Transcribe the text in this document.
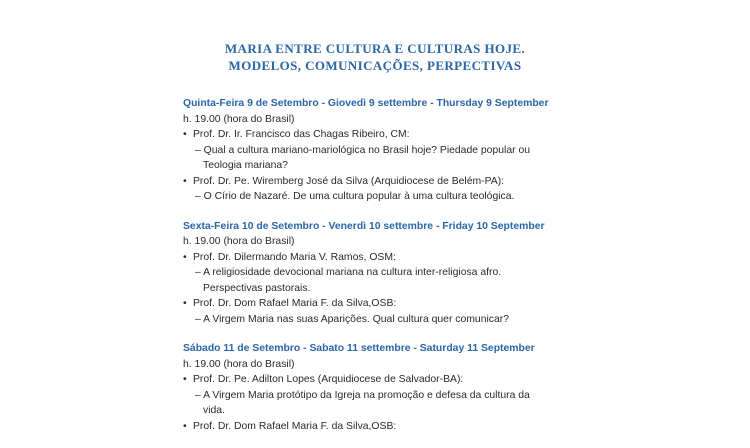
MARIA ENTRE CULTURA E CULTURAS HOJE.
MODELOS, COMUNICAÇÕES, PERPECTIVAS
Quinta-Feira 9 de Setembro - Giovedì 9 settembre - Thursday 9 September
h. 19.00 (hora do Brasil)
• Prof. Dr. Ir. Francisco das Chagas Ribeiro, CM:
– Qual a cultura mariano-mariológica no Brasil hoje? Piedade popular ou Teologia mariana?
• Prof. Dr. Pe. Wiremberg José da Silva (Arquidiocese de Belém-PA):
– O Círio de Nazaré. De uma cultura popular à uma cultura teológica.
Sexta-Feira 10 de Setembro - Venerdì 10 settembre - Friday 10 September
h. 19.00 (hora do Brasil)
• Prof. Dr. Dilermando Maria V. Ramos, OSM:
– A religiosidade devocional mariana na cultura inter-religiosa afro. Perspectivas pastorais.
• Prof. Dr. Dom Rafael Maria F. da Silva,OSB:
– A Virgem Maria nas suas Aparições. Qual cultura quer comunicar?
Sábado 11 de Setembro - Sabato 11 settembre - Saturday 11 September
h. 19.00 (hora do Brasil)
• Prof. Dr. Pe. Adilton Lopes (Arquidiocese de Salvador-BA):
– A Virgem Maria protótipo da Igreja na promoção e defesa da cultura da vida.
• Prof. Dr. Dom Rafael Maria F. da Silva,OSB:
